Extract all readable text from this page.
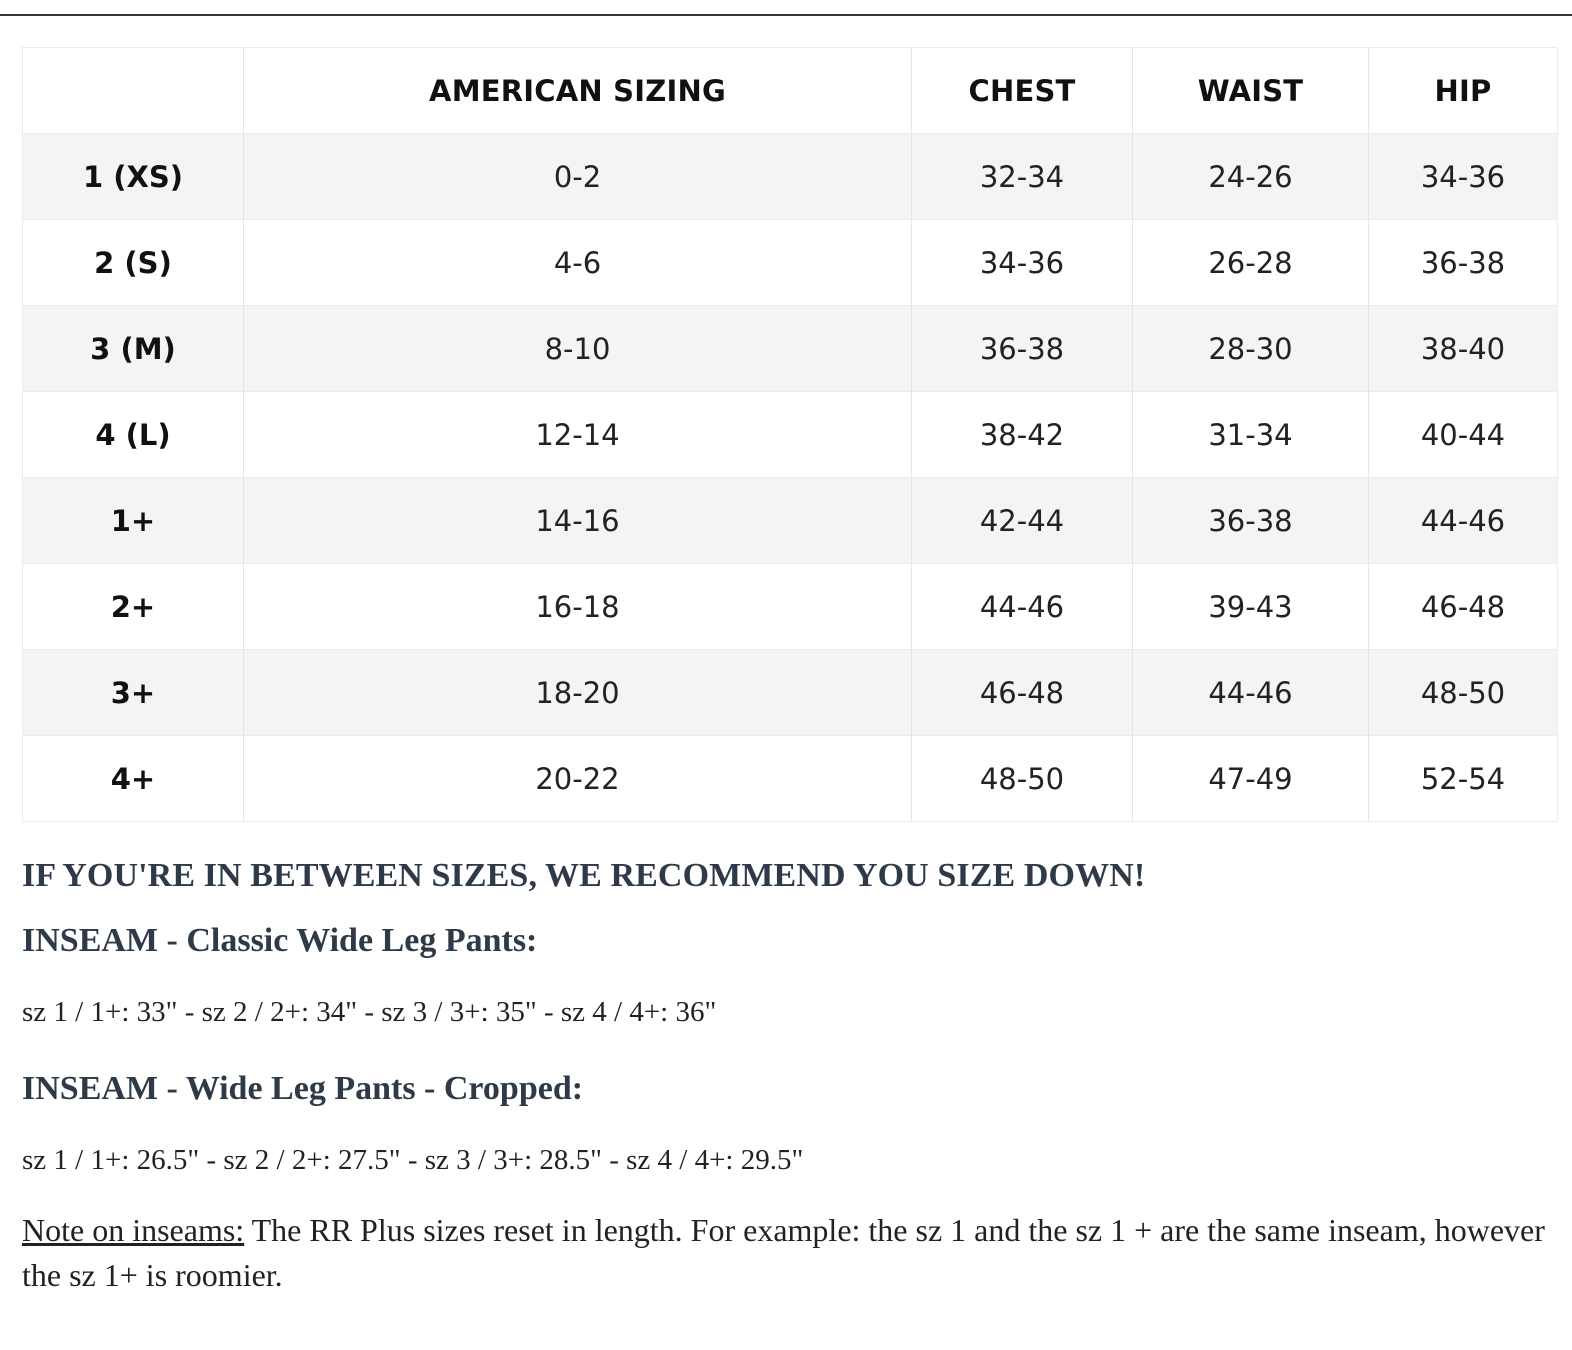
	AMERICAN SIZING	CHEST	WAIST	HIP
1 (XS)	0-2	32-34	24-26	34-36
2 (S)	4-6	34-36	26-28	36-38
3 (M)	8-10	36-38	28-30	38-40
4 (L)	12-14	38-42	31-34	40-44
1+	14-16	42-44	36-38	44-46
2+	16-18	44-46	39-43	46-48
3+	18-20	46-48	44-46	48-50
4+	20-22	48-50	47-49	52-54

IF YOU'RE IN BETWEEN SIZES, WE RECOMMEND YOU SIZE DOWN!

INSEAM - Classic Wide Leg Pants:

sz 1 / 1+: 33" - sz 2 / 2+: 34" - sz 3 / 3+: 35" - sz 4 / 4+: 36"

INSEAM - Wide Leg Pants - Cropped:

sz 1 / 1+: 26.5" - sz 2 / 2+: 27.5" - sz 3 / 3+: 28.5" - sz 4 / 4+: 29.5"

Note on inseams: The RR Plus sizes reset in length. For example: the sz 1 and the sz 1 + are the same inseam, however the sz 1+ is roomier.
